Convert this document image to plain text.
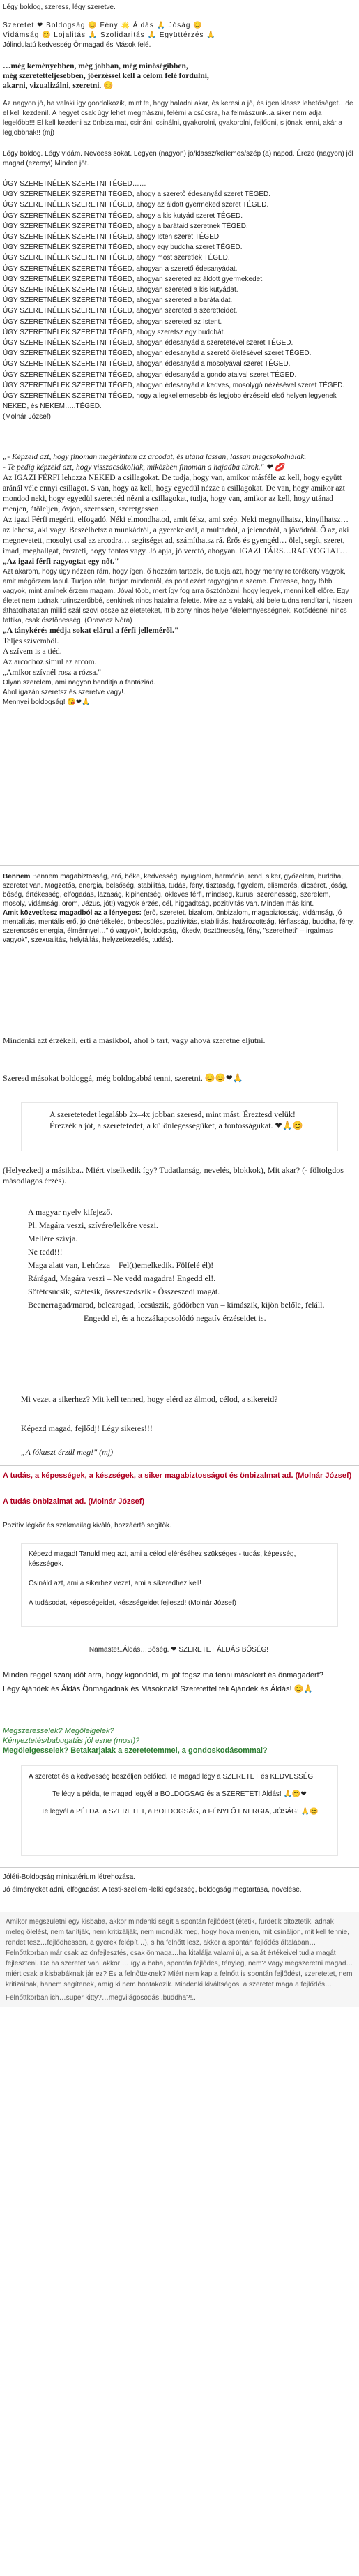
Légy boldog, szeress, légy szeretve.
Szeretet ❤ Boldogság 😊 Fény 🌟 Áldás 🙏 Jóság 😊
Vidámság 😊 Lojalitás 🙏 Szolidaritás 🙏 Együttérzés 🙏
Jólindulatú kedvesség Önmagad és Mások felé.
…még keményebben, még jobban, még minőségibben,
még szeretetteljesebben, jóérzéssel kell a célom felé fordulni,
akarni, vizualizálni, szeretni. 😊
Az nagyon jó, ha valaki így gondolkozik, mint te, hogy haladni akar, és keresi a jó, és igen klassz lehetőséget…de el kell kezdeni!. A hegyet csak úgy lehet megmászni, felérni a csúcsra, ha felmászunk..a siker nem adja legelőbb!!! El kell kezdeni az önbizalmat, csináni, csinálni, gyakorolni, gyakorolni, fejlődni, s jönak lenni, akár a legjobbnak!! (mj)
Légy boldog. Légy vidám. Neveess sokat. Legyen (nagyon) jó/klassz/kellemes/szép (a) napod. Érezd (nagyon) jól magad (ezemyi) Minden jót.
ÚGY SZERETNÉLEK SZERETNI TÉGED……
ÚGY SZERETNÉLEK SZERETNI TÉGED, ahogy a szerető édesanyád szeret TÉGED.
ÚGY SZERETNÉLEK SZERETNI TÉGED, ahogy az áldott gyermeked szeret TÉGED.
ÚGY SZERETNÉLEK SZERETNI TÉGED, ahogy a kis kutyád szeret TÉGED.
ÚGY SZERETNÉLEK SZERETNI TÉGED, ahogy a barátaid szeretnek TÉGED.
ÚGY SZERETNÉLEK SZERETNI TÉGED, ahogy Isten szeret TÉGED.
ÚGY SZERETNÉLEK SZERETNI TÉGED, ahogy egy buddha szeret TÉGED.
ÚGY SZERETNÉLEK SZERETNI TÉGED, ahogy most szeretlek TÉGED.
ÚGY SZERETNÉLEK SZERETNI TÉGED, ahogyan a szerető édesanyádat.
ÚGY SZERETNÉLEK SZERETNI TÉGED, ahogyan szereted az áldott gyermekedet.
ÚGY SZERETNÉLEK SZERETNI TÉGED, ahogyan szereted a kis kutyádat.
ÚGY SZERETNÉLEK SZERETNI TÉGED, ahogyan szereted a barátaidat.
ÚGY SZERETNÉLEK SZERETNI TÉGED, ahogyan szereted a szeretteidet.
ÚGY SZERETNÉLEK SZERETNI TÉGED, ahogyan szereted az Istent.
ÚGY SZERETNÉLEK SZERETNI TÉGED, ahogy szeretsz egy buddhát.
ÚGY SZERETNÉLEK SZERETNI TÉGED, ahogyan édesanyád a szeretetével szeret TÉGED.
ÚGY SZERETNÉLEK SZERETNI TÉGED, ahogyan édesanyád a szerető ölelésével szeret TÉGED.
ÚGY SZERETNÉLEK SZERETNI TÉGED, ahogyan édesanyád a mosolyával szeret TÉGED.
ÚGY SZERETNÉLEK SZERETNI TÉGED, ahogyan édesanyád a gondolataival szeret TÉGED.
ÚGY SZERETNÉLEK SZERETNI TÉGED, ahogyan édesanyád a kedves, mosolygó nézésével szeret TÉGED.
ÚGY SZERETNÉLEK SZERETNI TÉGED, hogy a legkellemesebb és legjobb érzéseid első helyen legyenek NEKED, és NEKEM…..TÉGED.
(Molnár József)
„- Képzeld azt, hogy finoman megérintem az arcodat, és utána lassan, lassan megcsókolnálak.
- Te pedig képzeld azt, hogy visszacsókollak, miközben finoman a hajadba túrok." ❤ 💋
Az IGAZI FÉRFI lehozza NEKED a csillagokat. De tudja, hogy van, amikor másféle az kell, hogy együtt aránál véle ennyi csillagot. S van, hogy az kell, hogy egyedül nézze a csillagokat. De van, hogy amikor azt mondod neki, hogy egyedül szeretnéd nézni a csillagokat, tudja, hogy van, amikor az kell, hogy utánad menjen, átöleljen, óvjon, szeressen, szeretgessen…
Az igazi Férfi megérti, elfogadó. Néki elmondhatod, amit félsz, ami szép. Neki megnyílhatsz, kinyílhatsz… az lehetsz, aki vagy. Beszélhetsz a munkádról, a gyerekekről, a múltadról, a jelenedről, a jövődről. Ő az, aki megnevetett, mosolyt csal az arcodra… segítséget ad, számíthatsz rá. Érős és gyengéd… ölel, segít, szeret, imád, meghallgat, érezteti, hogy fontos vagy. Jó apja, jó verető, ahogyan. IGAZI TÁRS…RAGYOGTAT…
„Az igazi férfi ragyogtat egy nőt."
Azt akarom, hogy úgy nézzen rám, hogy ígen, ő hozzám tartozik, de tudja azt, hogy mennyire törékeny vagyok, amit mégőrzem lapul. Tudjon róla, tudjon mindenről, és pont ezért ragyogjon a szeme. Éretesse, hogy több vagyok, mint amínek érzem magam. Jóval több, mert így fog arra ösztönözni, hogy legyek, menni kell előre. Egy életet nem tudnak rutinszerűbbé, senkinek nincs hatalma felette. Mire az a valaki, aki bele tudna rendítani, hiszen áthatolhatatlan millió szál szövi össze az életeteket, itt bizony nincs helye félelemnyességnek. Kötődésnél nincs tattika, csak ösztönesség. (Oravecz Nóra)
„A tánykérés médja sokat elárul a férfi jelleméről."
Teljes szívemből.
A szívem is a tiéd.
Az arcodhoz simul az arcom.
„Amikor szívnél rosz a rózsa."
Olyan szerelem, ami nagyon benditja a fantáziád.
Ahol igazán szeretsz és szeretve vagy!.
Mennyei boldogság! 😘❤🙏
Bennem Bennem magabiztosság, erő, béke, kedvesség, nyugalom, harmónia, rend, siker, győzelem, buddha, szeretet van. Magzetős, energia, belsőség, stabilitás, tudás, fény, tisztaság, figyelem, elismerés, dicséret, jóság, bőség, értékesség, elfogadás, lazaság, kipihentség, okleves férfi, mindség, kurus, szerenesség, szerelem, mosoly, vidámság, öröm, Jézus, jót!) vagyok érzés, cél, higgadtság, pozitívitás van. Minden más kint.
Amit közvetítesz magadból az a lényeges: (erő, szeretet, bizalom, önbizalom, magabiztosság, vidámság, jó mentalitás, mentális erő, jó önértékelés, önbecsülés, pozitivitás, stabilitás, határozottság, férfiasság, buddha, fény, szerencsés energia, élménnyel…"jó vagyok", boldogság, jókedv, ösztönesség, fény, "szeretheti" – irgalmas vagyok", szexualitás, helytállás, helyzetkezelés, tudás).
Mindenki azt érzékeli, érti a másikból, ahol ő tart, vagy ahová szeretne eljutni.
Szeresd másokat boldoggá, még boldogabbá tenni, szeretni. 😊😊❤🙏
A szeretetedet legalább 2x–4x jobban szeresd, mint mást. Éreztesd velük!
Érezzék a jót, a szeretetedet, a különlegességüket, a fontosságukat. ❤🙏😊
(Helyezkedj a másikba.. Miért viselkedik így? Tudatlanság, nevelés, blokkok), Mit akar? (- föltolgdos – másodlagos érzés).
A magyar nyelv kifejező.
Pl. Magára veszi, szívére/lelkére veszi.
Mellére szívja.
Ne tedd!!!
Maga alatt van, Lehúzza – Fel(t)emelkedik. Fölfelé él)!
Rárágad, Magára veszi – Ne vedd magadra! Engedd el!.
Sötétcsúcsik, szétesik, összeszedszik - Összeszedi magát.
Beenerragad/marad, belezragad, lecsúszik, gödörben van – kimászik, kijön belőle, feláll.
Engedd el, és a hozzákapcsolódó negatív érzéseidet is.
Mi vezet a sikerhez? Mit kell tenned, hogy elérd az álmod, célod, a sikereid?
Képezd magad, fejlődj! Légy sikeres!!!
„A fókuszt érzül meg!" (mj)
A tudás, a képességek, a készségek, a siker magabiztosságot és önbizalmat ad. (Molnár József)
A tudás önbizalmat ad. (Molnár József)
Pozitív légkör és szakmailag kiváló, hozzáértő segítők.
Képezd magad! Tanuld meg azt, ami a célod eléréséhez szükséges - tudás, képesség, készségek.
Csináld azt, ami a sikerhez vezet, ami a sikeredhez kell!
A tudásodat, képességeidet, készségeidet fejleszd! (Molnár József)
Namaste!..Áldás…Bőség. ❤ SZERETET ÁLDÁS BŐSÉG!
Minden reggel szánj időt arra, hogy kigondold, mi jót fogsz ma tenni másokért és önmagadért?
Légy Ajándék és Áldás Önmagadnak és Másoknak! Szeretettel teli Ajándék és Áldás! 😊🙏
Megszeresselek? Megölelgelek?
Kényeztetés/babugatás jól esne (most)?
Megölelgesselek? Betakarjalak a szeretetemmel, a gondoskodásommal?
A szeretet és a kedvesség beszéljen belőled. Te magad légy a SZERETET és KEDVESSÉG!
Te légy a példa, te magad legyél a BOLDOGSÁG és a SZERETET! Áldás! 🙏😊❤
Te legyél a PÉLDA, a SZERETET, a BOLDOGSÁG, a FÉNYLŐ ENERGIA, JÓSÁG! 🙏😊
Jóléti-Boldogság minisztérium létrehozása.
Jó élményeket adni, elfogadást. A testi-szellemi-lelki egészség, boldogság megtartása, növelése.
Amikor megszületni egy kisbaba, akkor mindenki segít a spontán fejlődést (étetik, fürdetik öltöztetik, adnak meleg ölelést, nem tanítják, nem kritizálják, nem mondják meg, hogy hova menjen, mit csináljon, mit kell tennie, rendet tesz…fejlődhessen, a gyerek felépít…), s ha felnőtt lesz, akkor a spontán fejlődés általában… Felnőttkorban már csak az önfejlesztés, csak önmaga…ha kitalálja valami új, a saját értékeivel tudja magát fejleszteni. De ha szeretet van, akkor … így a baba, spontán fejlődés, tényleg, nem? Vagy megszeretni magad… miért csak a kisbabáknak jár ez? És a felnőtteknek? Miért nem kap a felnőtt is spontán fejlődést, szeretetet, nem kritizálnak, hanem segítenek, amíg ki nem bontakozik. Mindenki kiváltságos, a szeretet maga a fejlődés…
Felnőttkorban ich…super kitty?…megvilágosodás..buddha?!..
